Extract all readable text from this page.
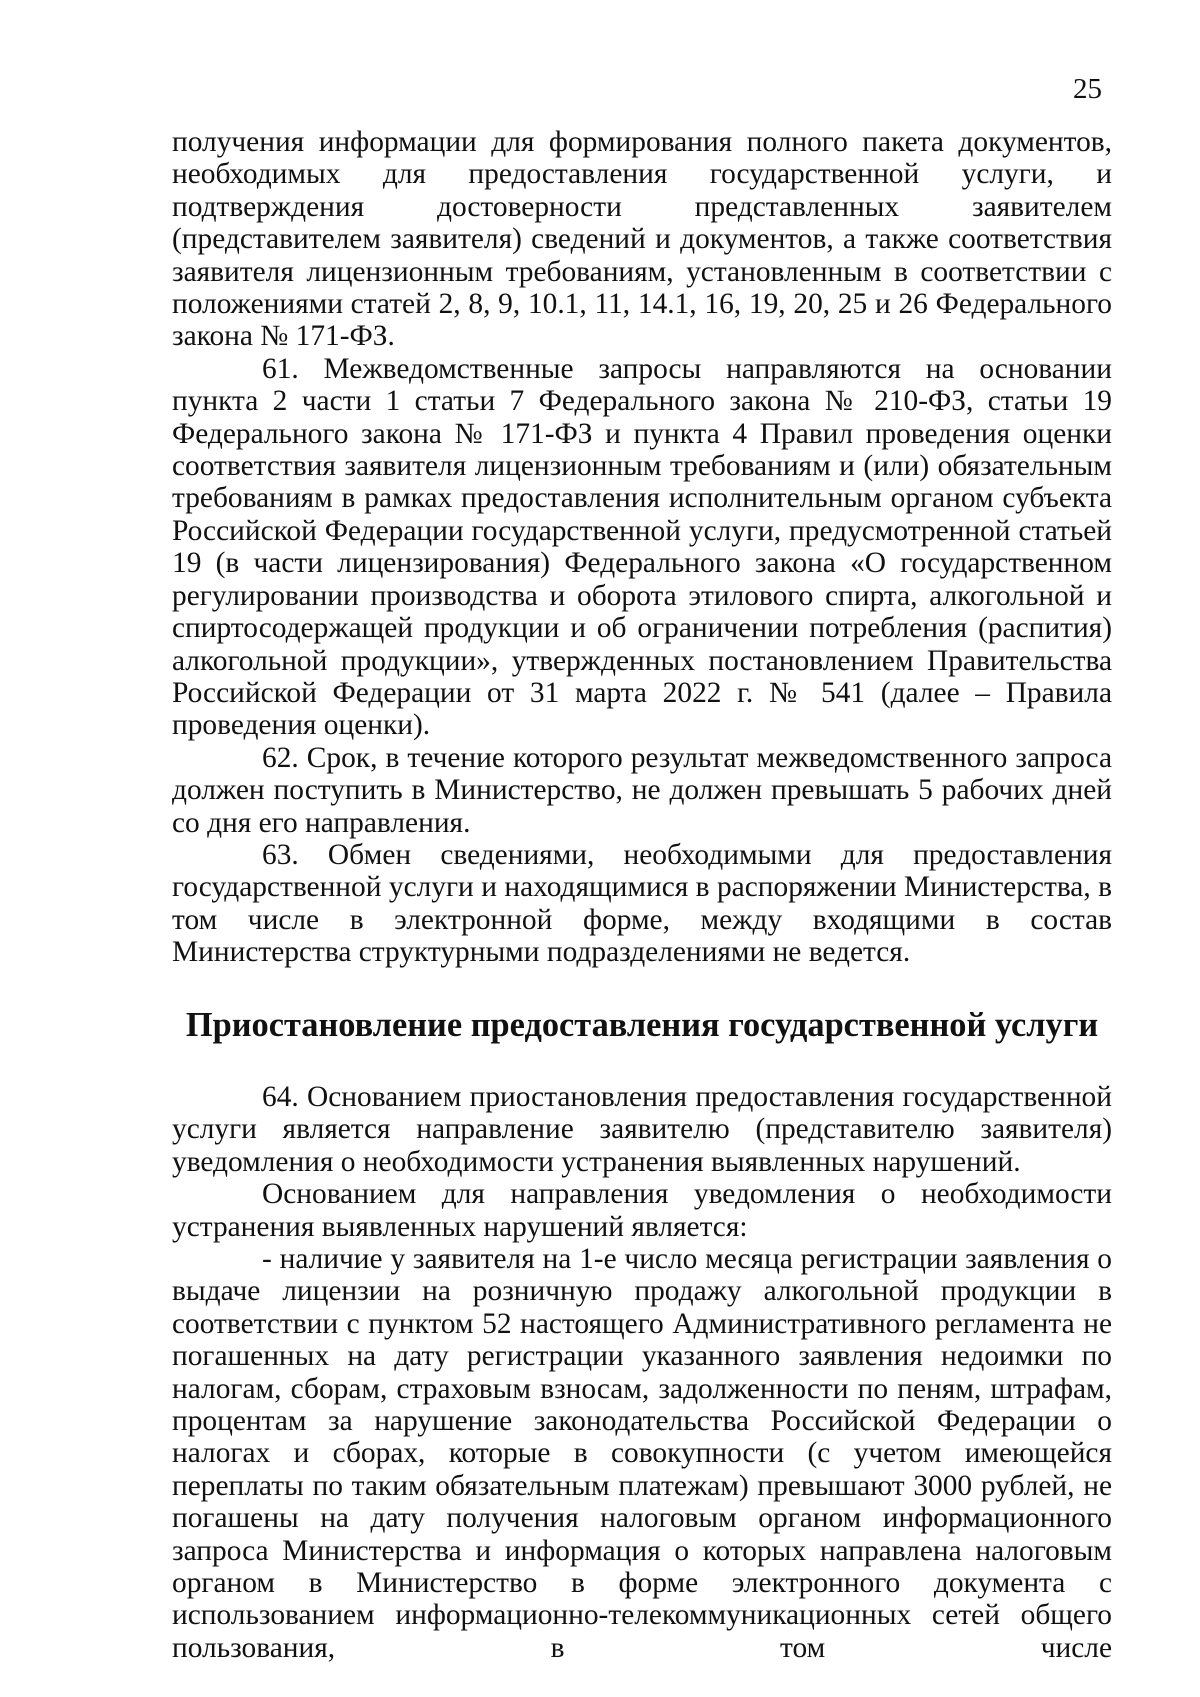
25

получения информации для формирования полного пакета документов, необходимых для предоставления государственной услуги, и подтверждения достоверности представленных заявителем (представителем заявителя) сведений и документов, а также соответствия заявителя лицензионным требованиям, установленным в соответствии с положениями статей 2, 8, 9, 10.1, 11, 14.1, 16, 19, 20, 25 и 26 Федерального закона № 171-ФЗ.

61. Межведомственные запросы направляются на основании пункта 2 части 1 статьи 7 Федерального закона № 210-ФЗ, статьи 19 Федерального закона № 171-ФЗ и пункта 4 Правил проведения оценки соответствия заявителя лицензионным требованиям и (или) обязательным требованиям в рамках предоставления исполнительным органом субъекта Российской Федерации государственной услуги, предусмотренной статьей 19 (в части лицензирования) Федерального закона «О государственном регулировании производства и оборота этилового спирта, алкогольной и спиртосодержащей продукции и об ограничении потребления (распития) алкогольной продукции», утвержденных постановлением Правительства Российской Федерации от 31 марта 2022 г. № 541 (далее – Правила проведения оценки).

62. Срок, в течение которого результат межведомственного запроса должен поступить в Министерство, не должен превышать 5 рабочих дней со дня его направления.

63. Обмен сведениями, необходимыми для предоставления государственной услуги и находящимися в распоряжении Министерства, в том числе в электронной форме, между входящими в состав Министерства структурными подразделениями не ведется.

Приостановление предоставления государственной услуги

64. Основанием приостановления предоставления государственной услуги является направление заявителю (представителю заявителя) уведомления о необходимости устранения выявленных нарушений.

Основанием для направления уведомления о необходимости устранения выявленных нарушений является:

- наличие у заявителя на 1-е число месяца регистрации заявления о выдаче лицензии на розничную продажу алкогольной продукции в соответствии с пунктом 52 настоящего Административного регламента не погашенных на дату регистрации указанного заявления недоимки по налогам, сборам, страховым взносам, задолженности по пеням, штрафам, процентам за нарушение законодательства Российской Федерации о налогах и сборах, которые в совокупности (с учетом имеющейся переплаты по таким обязательным платежам) превышают 3000 рублей, не погашены на дату получения налоговым органом информационного запроса Министерства и информация о которых направлена налоговым органом в Министерство в форме электронного документа с использованием информационно-телекоммуникационных сетей общего пользования, в том числе
